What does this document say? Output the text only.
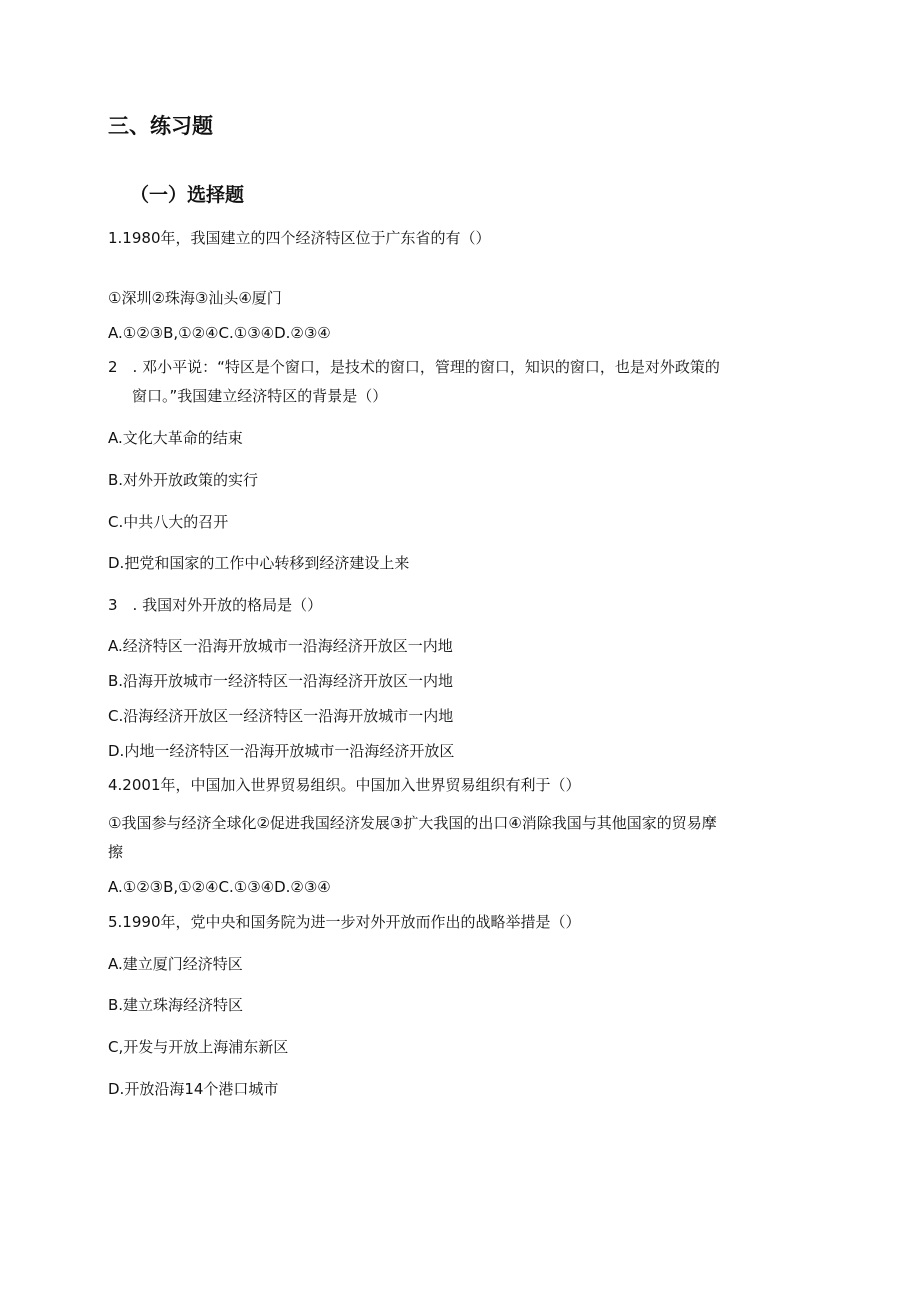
三、练习题
（一）选择题
1.1980年，我国建立的四个经济特区位于广东省的有（）
①深圳②珠海③汕头④厦门
A.①②③B,①②④C.①③④D.②③④
2　. 邓小平说：“特区是个窗口，是技术的窗口，管理的窗口，知识的窗口，也是对外政策的
窗口。”我国建立经济特区的背景是（）
A.文化大革命的结束
B.对外开放政策的实行
C.中共八大的召开
D.把党和国家的工作中心转移到经济建设上来
3　. 我国对外开放的格局是（）
A.经济特区一沿海开放城市一沿海经济开放区一内地
B.沿海开放城市一经济特区一沿海经济开放区一内地
C.沿海经济开放区一经济特区一沿海开放城市一内地
D.内地一经济特区一沿海开放城市一沿海经济开放区
4.2001年，中国加入世界贸易组织。中国加入世界贸易组织有利于（）
①我国参与经济全球化②促进我国经济发展③扩大我国的出口④消除我国与其他国家的贸易摩
擦
A.①②③B,①②④C.①③④D.②③④
5.1990年，党中央和国务院为进一步对外开放而作出的战略举措是（）
A.建立厦门经济特区
B.建立珠海经济特区
C,开发与开放上海浦东新区
D.开放沿海14个港口城市
